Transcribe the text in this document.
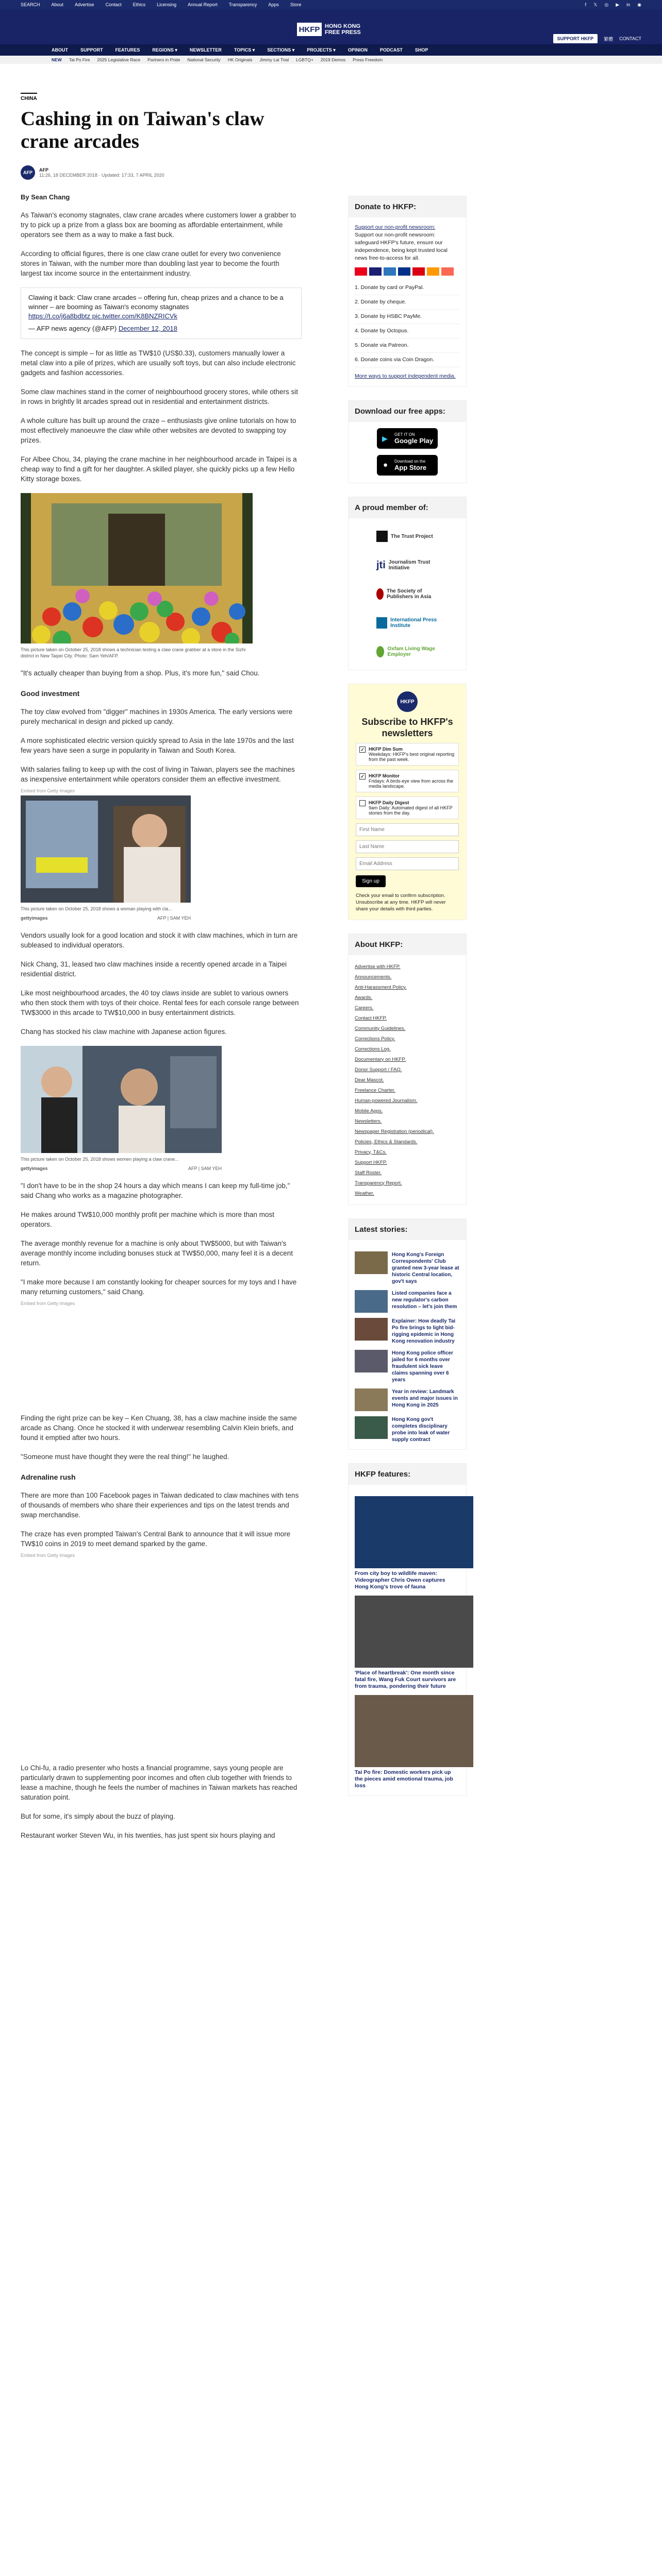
SEARCH About Advertise Contact Ethics Licensing Annual Report Transparency Apps Store	f 𝕏 ◎ ▶ in ◉
HKFP HONG KONG
FREE PRESS
SUPPORT HKFP	繁體 CONTACT
ABOUT	SUPPORT	FEATURES	REGIONS ▾	NEWSLETTER	TOPICS ▾	SECTIONS ▾	PROJECTS ▾	OPINION	PODCAST	SHOP
NEW Tai Po Fire 2025 Legislative Race Partners in Pride National Security HK Originals Jimmy Lai Trial LGBTQ+ 2019 Demos Press Freedom
CHINA
Cashing in on Taiwan's claw crane arcades
AFP	AFP
11:26, 18 DECEMBER 2018 · Updated: 17:33, 7 APRIL 2020
By Sean Chang
As Taiwan's economy stagnates, claw crane arcades where customers lower a grabber to try to pick up a prize from a glass box are booming as affordable entertainment, while operators see them as a way to make a fast buck.
According to official figures, there is one claw crane outlet for every two convenience stores in Taiwan, with the number more than doubling last year to become the fourth largest tax income source in the entertainment industry.
Clawing it back: Claw crane arcades – offering fun, cheap prizes and a chance to be a winner – are booming as Taiwan's economy stagnates
https://t.co/j6a8bdbtz pic.twitter.com/K8BNZRICVk
— AFP news agency (@AFP) December 12, 2018
The concept is simple – for as little as TW$10 (US$0.33), customers manually lower a metal claw into a pile of prizes, which are usually soft toys, but can also include electronic gadgets and fashion accessories.
Some claw machines stand in the corner of neighbourhood grocery stores, while others sit in rows in brightly lit arcades spread out in residential and entertainment districts.
A whole culture has built up around the craze – enthusiasts give online tutorials on how to most effectively manoeuvre the claw while other websites are devoted to swapping toy prizes.
For Albee Chou, 34, playing the crane machine in her neighbourhood arcade in Taipei is a cheap way to find a gift for her daughter. A skilled player, she quickly picks up a few Hello Kitty storage boxes.
This picture taken on October 25, 2018 shows a technician testing a claw crane grabber at a store in the Sizhi district in New Taipei City. Photo: Sam Yeh/AFP.
"It's actually cheaper than buying from a shop. Plus, it's more fun," said Chou.
Good investment
The toy claw evolved from "digger" machines in 1930s America. The early versions were purely mechanical in design and picked up candy.
A more sophisticated electric version quickly spread to Asia in the late 1970s and the last few years have seen a surge in popularity in Taiwan and South Korea.
With salaries failing to keep up with the cost of living in Taiwan, players see the machines as inexpensive entertainment while operators consider them an effective investment.
Embed from Getty Images
This picture taken on October 25, 2018 shows a woman playing with cla...
gettyimages	AFP | SAM YEH
Vendors usually look for a good location and stock it with claw machines, which in turn are subleased to individual operators.
Nick Chang, 31, leased two claw machines inside a recently opened arcade in a Taipei residential district.
Like most neighbourhood arcades, the 40 toy claws inside are sublet to various owners who then stock them with toys of their choice. Rental fees for each console range between TW$3000 in this arcade to TW$10,000 in busy entertainment districts.
Chang has stocked his claw machine with Japanese action figures.
This picture taken on October 25, 2018 shows women playing a claw crane...
gettyimages	AFP | SAM YEH
"I don't have to be in the shop 24 hours a day which means I can keep my full-time job," said Chang who works as a magazine photographer.
He makes around TW$10,000 monthly profit per machine which is more than most operators.
The average monthly revenue for a machine is only about TW$5000, but with Taiwan's average monthly income including bonuses stuck at TW$50,000, many feel it is a decent return.
"I make more because I am constantly looking for cheaper sources for my toys and I have many returning customers," said Chang.
Embed from Getty Images
Finding the right prize can be key – Ken Chuang, 38, has a claw machine inside the same arcade as Chang. Once he stocked it with underwear resembling Calvin Klein briefs, and found it emptied after two hours.
"Someone must have thought they were the real thing!" he laughed.
Adrenaline rush
There are more than 100 Facebook pages in Taiwan dedicated to claw machines with tens of thousands of members who share their experiences and tips on the latest trends and swap merchandise.
The craze has even prompted Taiwan's Central Bank to announce that it will issue more TW$10 coins in 2019 to meet demand sparked by the game.
Embed from Getty Images
Lo Chi-fu, a radio presenter who hosts a financial programme, says young people are particularly drawn to supplementing poor incomes and often club together with friends to lease a machine, though he feels the number of machines in Taiwan markets has reached saturation point.
But for some, it's simply about the buzz of playing.
Restaurant worker Steven Wu, in his twenties, has just spent six hours playing and
Donate to HKFP:
Support our non-profit newsroom:
Support our non-profit newsroom: safeguard HKFP's future, ensure our independence, being kept trusted local news free-to-access for all.
1. Donate by card or PayPal.
2. Donate by cheque.
3. Donate by HSBC PayMe.
4. Donate by Octopus.
5. Donate via Patreon.
6. Donate coins via Coin Dragon.
More ways to support independent media.
Download our free apps:
▶ GET IT ON
Google Play
● Download on the
App Store
A proud member of:
The Trust Project
jti Journalism Trust Initiative
The Society of Publishers in Asia
International Press Institute
Oxfam Living Wage Employer
HKFP
Subscribe to HKFP's newsletters
✓ HKFP Dim Sum
Weekdays: HKFP's best original reporting from the past week.
✓ HKFP Monitor
Fridays: A birds-eye view from across the media landscape.
HKFP Daily Digest
9am Daily: Automated digest of all HKFP stories from the day.
First Name Last Name Email Address Sign up
Check your email to confirm subscription. Unsubscribe at any time. HKFP will never share your details with third parties.
About HKFP:
Advertise with HKFP.
Announcements.
Anti-Harassment Policy.
Awards.
Careers.
Contact HKFP.
Community Guidelines.
Corrections Policy.
Corrections Log.
Documentary on HKFP.
Donor Support / FAQ.
Dear Mascot.
Freelance Charter.
Human-powered Journalism.
Mobile Apps.
Newsletters.
Newspaper Registration (periodical).
Policies, Ethics & Standards.
Privacy, T&Cs.
Support HKFP.
Staff Roster.
Transparency Report.
Weather.
Latest stories:
Hong Kong's Foreign Correspondents' Club granted new 3-year lease at historic Central location, gov't says
Listed companies face a new regulator's carbon resolution – let's join them
Explainer: How deadly Tai Po fire brings to light bid-rigging epidemic in Hong Kong renovation industry
Hong Kong police officer jailed for 6 months over fraudulent sick leave claims spanning over 6 years
Year in review: Landmark events and major issues in Hong Kong in 2025
Hong Kong gov't completes disciplinary probe into leak of water supply contract
HKFP features:
From city boy to wildlife maven: Videographer Chris Owen captures Hong Kong's trove of fauna
'Place of heartbreak': One month since fatal fire, Wang Fuk Court survivors are from trauma, pondering their future
Tai Po fire: Domestic workers pick up the pieces amid emotional trauma, job loss
